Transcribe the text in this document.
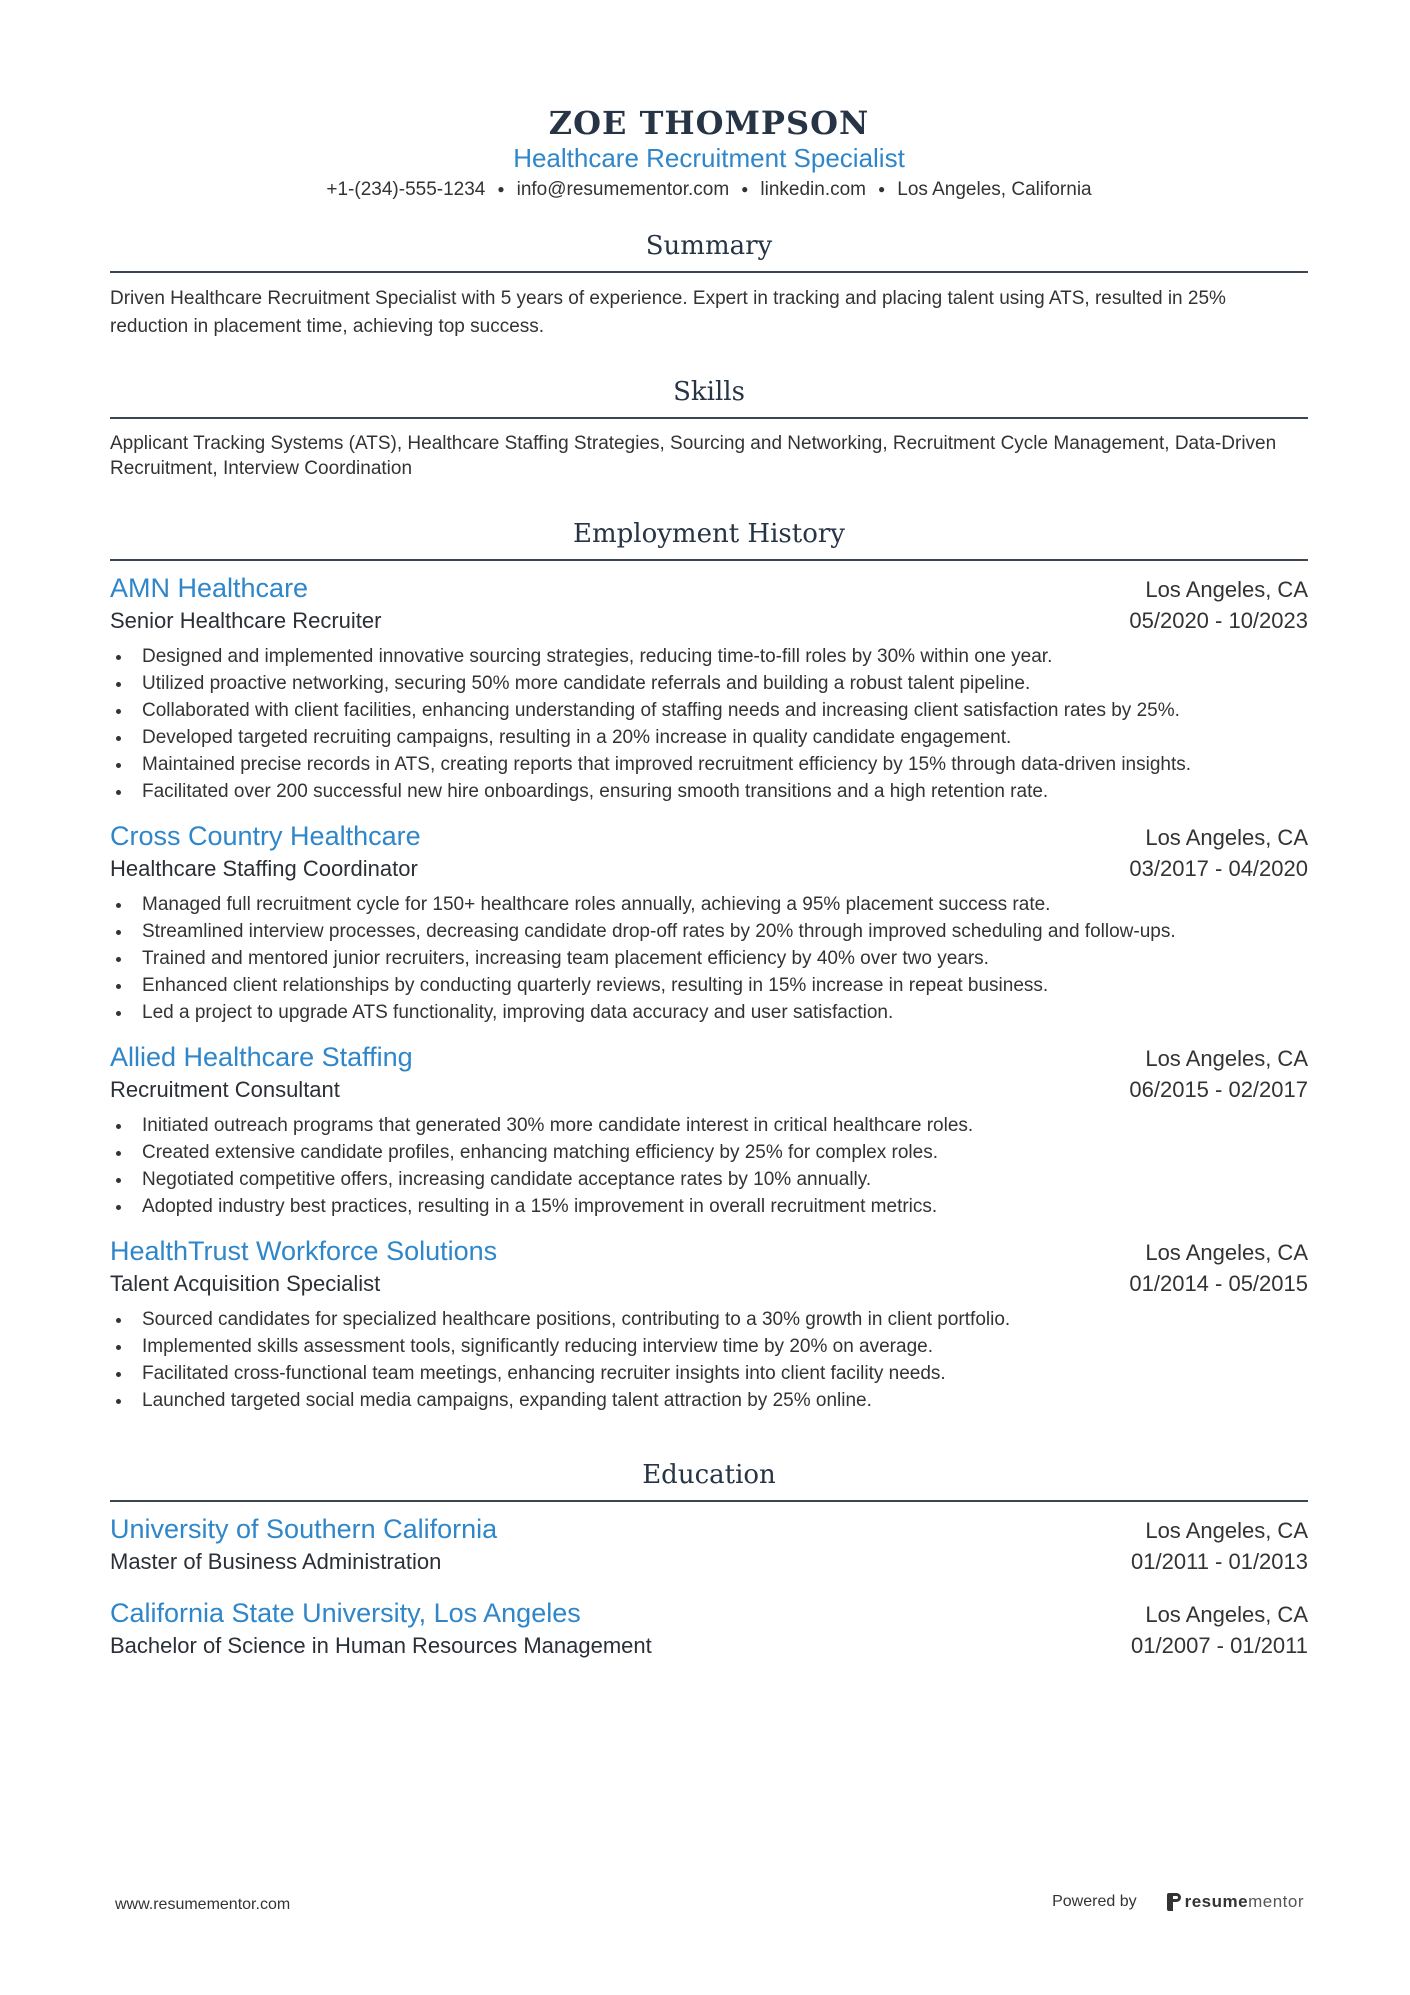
ZOE THOMPSON
Healthcare Recruitment Specialist
+1-(234)-555-1234 ● info@resumementor.com ● linkedin.com ● Los Angeles, California
Summary
Driven Healthcare Recruitment Specialist with 5 years of experience. Expert in tracking and placing talent using ATS, resulted in 25% reduction in placement time, achieving top success.
Skills
Applicant Tracking Systems (ATS), Healthcare Staffing Strategies, Sourcing and Networking, Recruitment Cycle Management, Data-Driven Recruitment, Interview Coordination
Employment History
AMN Healthcare	Los Angeles, CA
Senior Healthcare Recruiter	05/2020 - 10/2023
Designed and implemented innovative sourcing strategies, reducing time-to-fill roles by 30% within one year.
Utilized proactive networking, securing 50% more candidate referrals and building a robust talent pipeline.
Collaborated with client facilities, enhancing understanding of staffing needs and increasing client satisfaction rates by 25%.
Developed targeted recruiting campaigns, resulting in a 20% increase in quality candidate engagement.
Maintained precise records in ATS, creating reports that improved recruitment efficiency by 15% through data-driven insights.
Facilitated over 200 successful new hire onboardings, ensuring smooth transitions and a high retention rate.
Cross Country Healthcare	Los Angeles, CA
Healthcare Staffing Coordinator	03/2017 - 04/2020
Managed full recruitment cycle for 150+ healthcare roles annually, achieving a 95% placement success rate.
Streamlined interview processes, decreasing candidate drop-off rates by 20% through improved scheduling and follow-ups.
Trained and mentored junior recruiters, increasing team placement efficiency by 40% over two years.
Enhanced client relationships by conducting quarterly reviews, resulting in 15% increase in repeat business.
Led a project to upgrade ATS functionality, improving data accuracy and user satisfaction.
Allied Healthcare Staffing	Los Angeles, CA
Recruitment Consultant	06/2015 - 02/2017
Initiated outreach programs that generated 30% more candidate interest in critical healthcare roles.
Created extensive candidate profiles, enhancing matching efficiency by 25% for complex roles.
Negotiated competitive offers, increasing candidate acceptance rates by 10% annually.
Adopted industry best practices, resulting in a 15% improvement in overall recruitment metrics.
HealthTrust Workforce Solutions	Los Angeles, CA
Talent Acquisition Specialist	01/2014 - 05/2015
Sourced candidates for specialized healthcare positions, contributing to a 30% growth in client portfolio.
Implemented skills assessment tools, significantly reducing interview time by 20% on average.
Facilitated cross-functional team meetings, enhancing recruiter insights into client facility needs.
Launched targeted social media campaigns, expanding talent attraction by 25% online.
Education
University of Southern California	Los Angeles, CA
Master of Business Administration	01/2011 - 01/2013
California State University, Los Angeles	Los Angeles, CA
Bachelor of Science in Human Resources Management	01/2007 - 01/2011
www.resumementor.com	Powered by	resumementor
